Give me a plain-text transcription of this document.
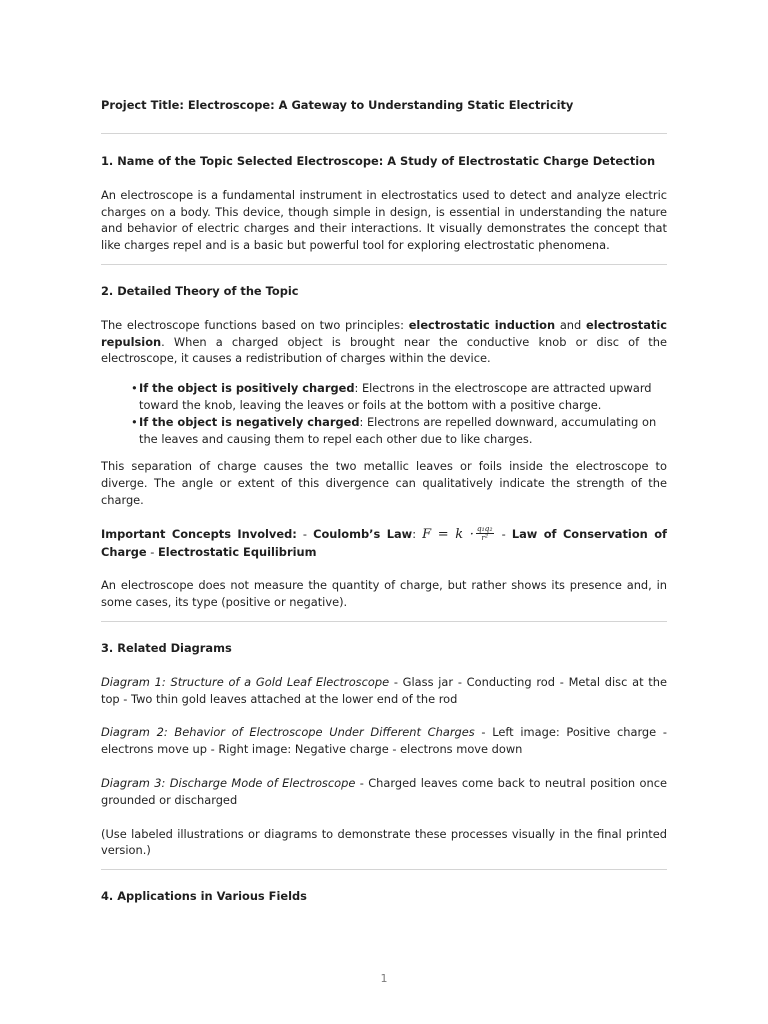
Project Title: Electroscope: A Gateway to Understanding Static Electricity
1. Name of the Topic Selected Electroscope: A Study of Electrostatic Charge Detection

An electroscope is a fundamental instrument in electrostatics used to detect and analyze electric charges on a body. This device, though simple in design, is essential in understanding the nature and behavior of electric charges and their interactions. It visually demonstrates the concept that like charges repel and is a basic but powerful tool for exploring electrostatic phenomena.

2. Detailed Theory of the Topic

The electroscope functions based on two principles: electrostatic induction and electrostatic repulsion. When a charged object is brought near the conductive knob or disc of the electroscope, it causes a redistribution of charges within the device.

• If the object is positively charged: Electrons in the electroscope are attracted upward toward the knob, leaving the leaves or foils at the bottom with a positive charge.
• If the object is negatively charged: Electrons are repelled downward, accumulating on the leaves and causing them to repel each other due to like charges.

This separation of charge causes the two metallic leaves or foils inside the electroscope to diverge. The angle or extent of this divergence can qualitatively indicate the strength of the charge.

Important Concepts Involved: - Coulomb’s Law: $F = k \cdot \frac{\text{q₁q₂}}{\text{r²}}$ - Law of Conservation of Charge - Electrostatic Equilibrium

An electroscope does not measure the quantity of charge, but rather shows its presence and, in some cases, its type (positive or negative).

3. Related Diagrams

Diagram 1: Structure of a Gold Leaf Electroscope - Glass jar - Conducting rod - Metal disc at the top - Two thin gold leaves attached at the lower end of the rod

Diagram 2: Behavior of Electroscope Under Different Charges - Left image: Positive charge - electrons move up - Right image: Negative charge - electrons move down

Diagram 3: Discharge Mode of Electroscope - Charged leaves come back to neutral position once grounded or discharged

(Use labeled illustrations or diagrams to demonstrate these processes visually in the final printed version.)

4. Applications in Various Fields
1
